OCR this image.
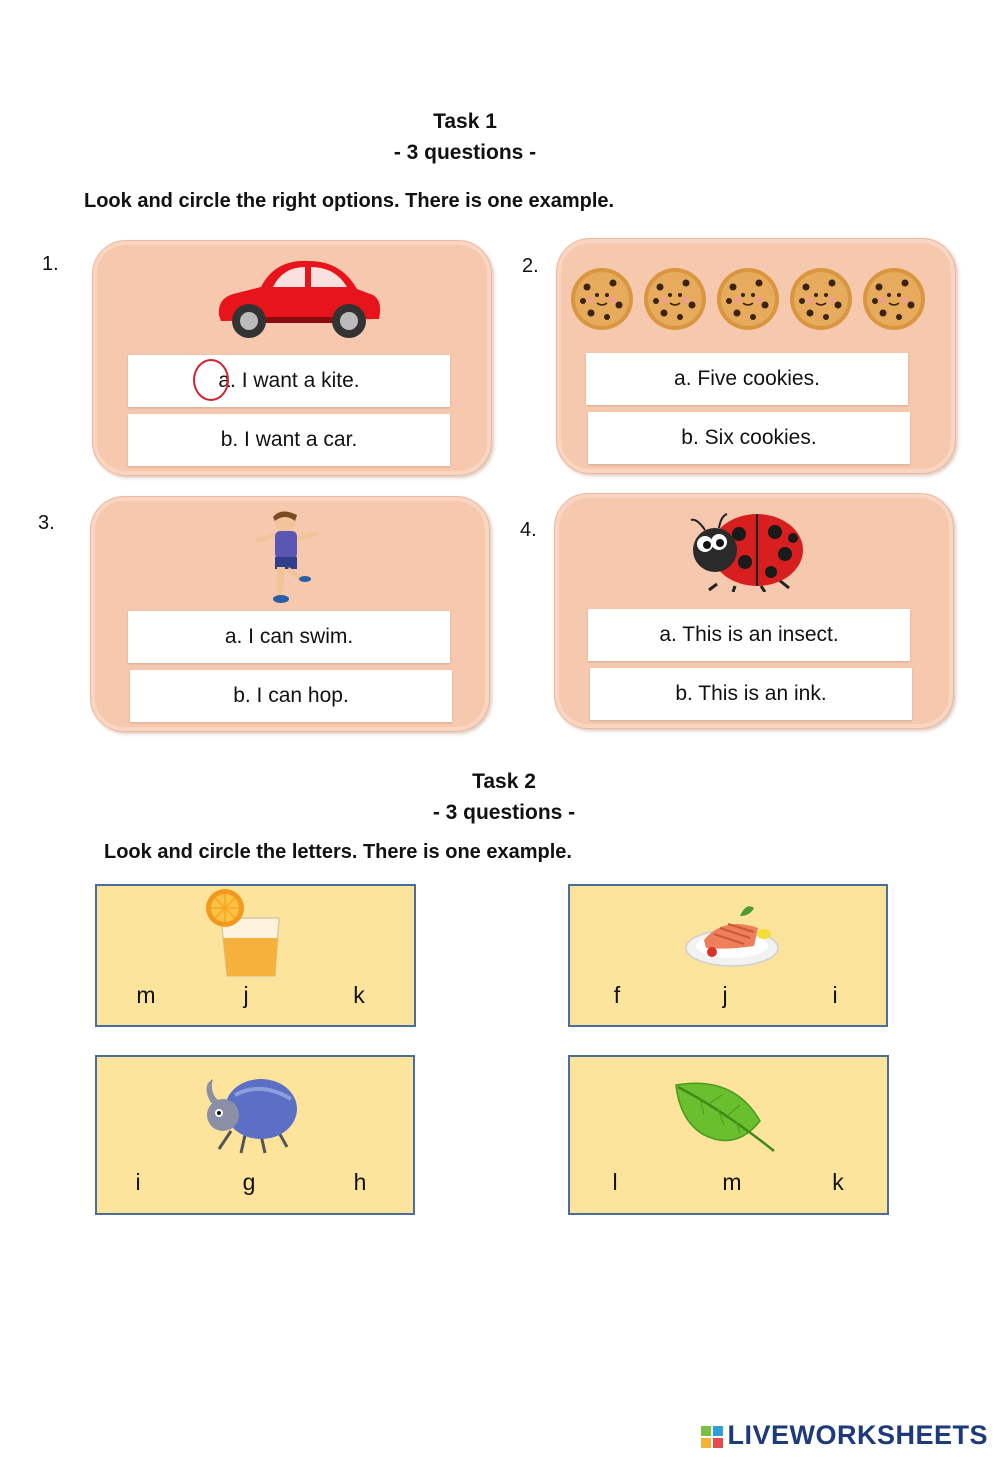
Task 1
- 3 questions -
Look and circle the right options. There is one example.
1.
a. I want a kite.
b. I want a car.
2.
a. Five cookies.
b. Six cookies.
3.
a. I can swim.
b. I can hop.
4.
a. This is an insect.
b. This is an ink.
Task 2
- 3 questions -
Look and circle the letters. There is one example.
m	j	k	f	j	i
i	g	h	l	m	k
LIVEWORKSHEETS
